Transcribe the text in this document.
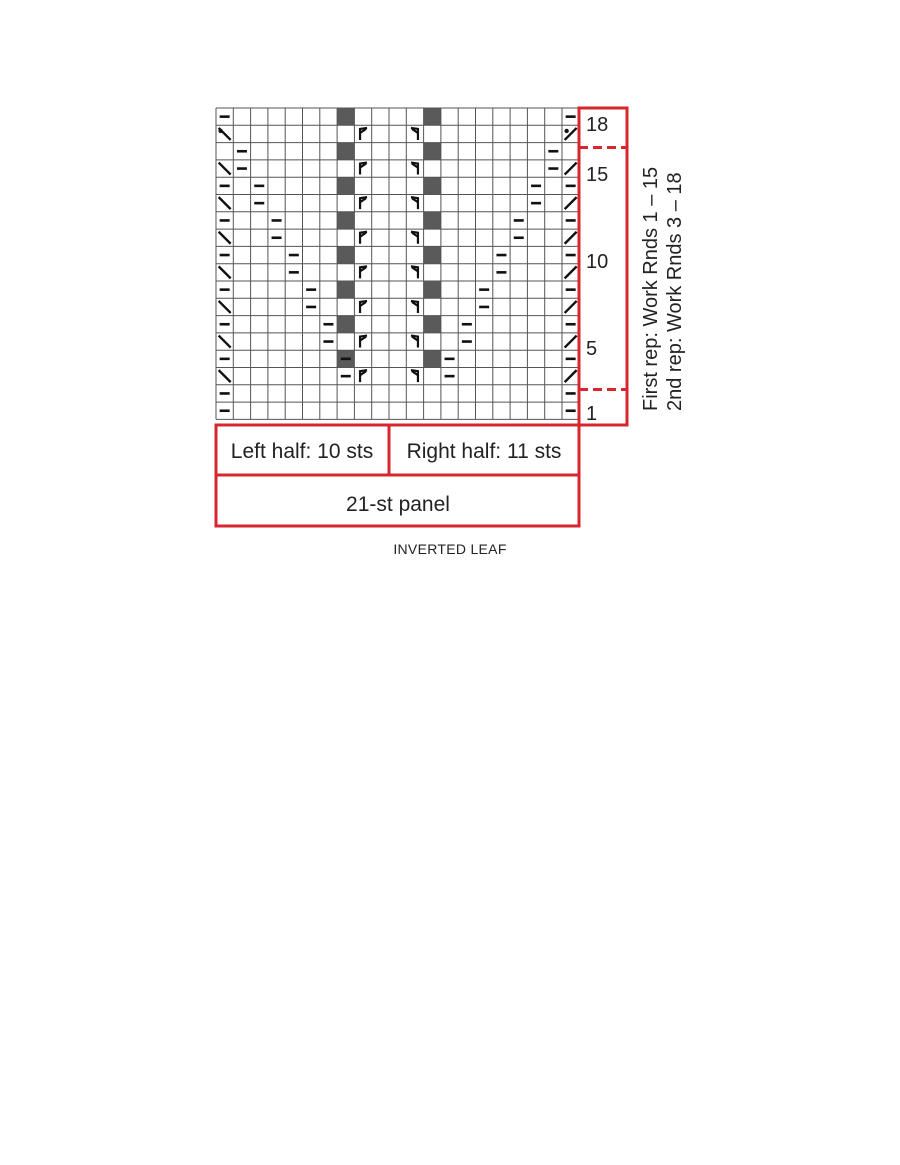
18
15
10
5
1
Left half: 10 sts Right half: 11 sts
21-st panel
First rep: Work Rnds 1 – 15 2nd rep: Work Rnds 3 – 18
INVERTED LEAF
